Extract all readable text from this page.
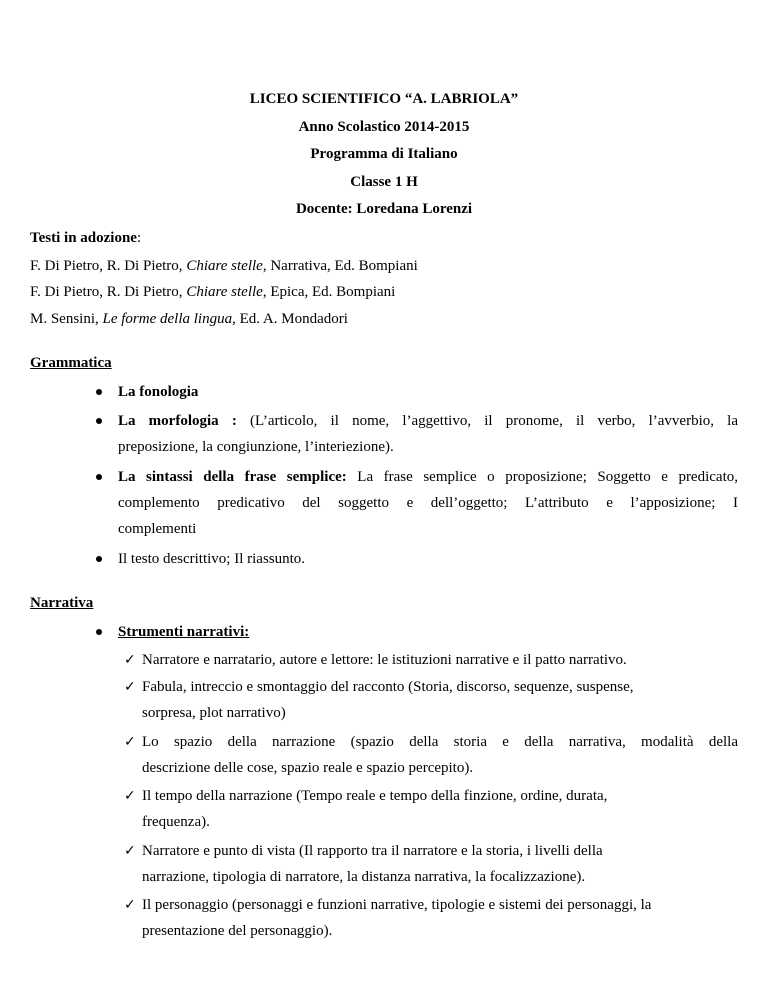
LICEO SCIENTIFICO “A. LABRIOLA”
Anno Scolastico 2014-2015
Programma di Italiano
Classe 1 H
Docente: Loredana Lorenzi
Testi in adozione:
F. Di Pietro, R. Di Pietro, Chiare stelle, Narrativa, Ed. Bompiani
F. Di Pietro, R. Di Pietro, Chiare stelle, Epica, Ed. Bompiani
M. Sensini, Le forme della lingua, Ed. A. Mondadori
Grammatica
La fonologia
La morfologia : (L’articolo, il nome, l’aggettivo, il pronome, il verbo, l’avverbio, la
preposizione, la congiunzione, l’interiezione).
La sintassi della frase semplice: La frase semplice o proposizione; Soggetto e predicato,
complemento predicativo del soggetto e dell’oggetto; L’attributo e l’apposizione; I
complementi
Il testo descrittivo; Il riassunto.
Narrativa
Strumenti narrativi:
✓ Narratore e narratario, autore e lettore: le istituzioni narrative e il patto narrativo.
✓ Fabula, intreccio e smontaggio del racconto (Storia, discorso, sequenze, suspense,
sorpresa, plot narrativo)
✓ Lo spazio della narrazione (spazio della storia e della narrativa, modalità della
descrizione delle cose, spazio reale e spazio percepito).
✓ Il tempo della narrazione (Tempo reale e tempo della finzione, ordine, durata,
frequenza).
✓ Narratore e punto di vista (Il rapporto tra il narratore e la storia, i livelli della
narrazione, tipologia di narratore, la distanza narrativa, la focalizzazione).
✓ Il personaggio (personaggi e funzioni narrative, tipologie e sistemi dei personaggi, la
presentazione del personaggio).
